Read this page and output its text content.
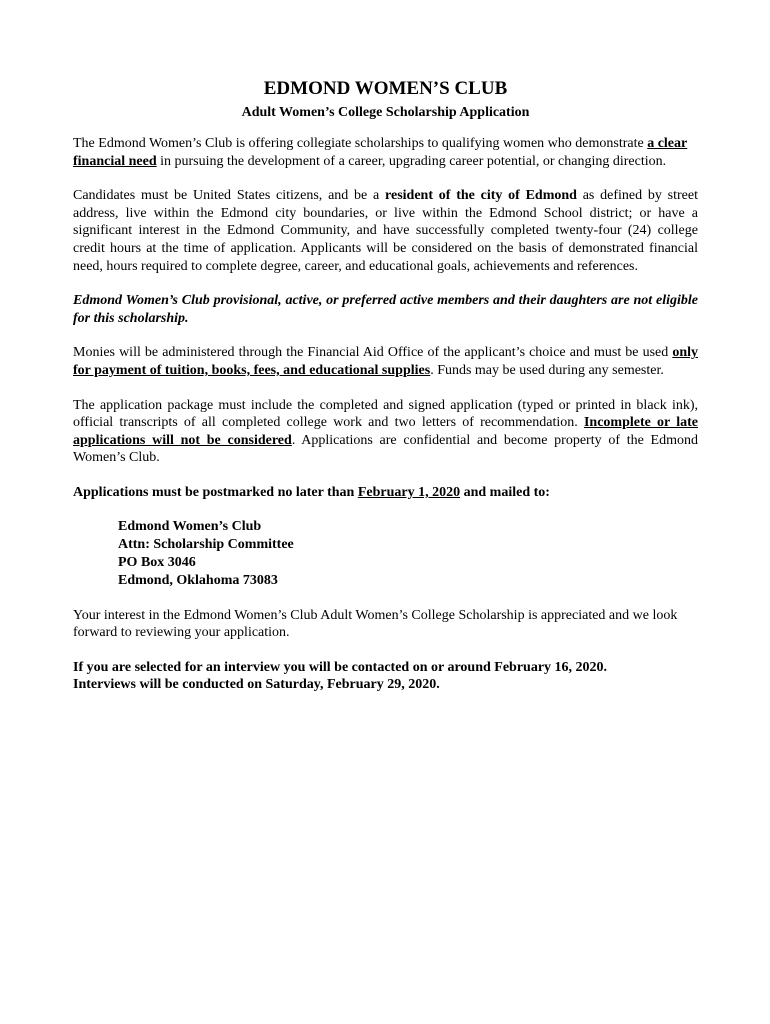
EDMOND WOMEN’S CLUB
Adult Women’s College Scholarship Application

The Edmond Women’s Club is offering collegiate scholarships to qualifying women who demonstrate a clear financial need in pursuing the development of a career, upgrading career potential, or changing direction.

Candidates must be United States citizens, and be a resident of the city of Edmond as defined by street address, live within the Edmond city boundaries, or live within the Edmond School district; or have a significant interest in the Edmond Community, and have successfully completed twenty-four (24) college credit hours at the time of application. Applicants will be considered on the basis of demonstrated financial need, hours required to complete degree, career, and educational goals, achievements and references.

Edmond Women’s Club provisional, active, or preferred active members and their daughters are not eligible for this scholarship.

Monies will be administered through the Financial Aid Office of the applicant’s choice and must be used only for payment of tuition, books, fees, and educational supplies. Funds may be used during any semester.

The application package must include the completed and signed application (typed or printed in black ink), official transcripts of all completed college work and two letters of recommendation. Incomplete or late applications will not be considered. Applications are confidential and become property of the Edmond Women’s Club.

Applications must be postmarked no later than February 1, 2020 and mailed to:

Edmond Women’s Club
Attn: Scholarship Committee
PO Box 3046
Edmond, Oklahoma 73083

Your interest in the Edmond Women’s Club Adult Women’s College Scholarship is appreciated and we look forward to reviewing your application.

If you are selected for an interview you will be contacted on or around February 16, 2020.
Interviews will be conducted on Saturday, February 29, 2020.
